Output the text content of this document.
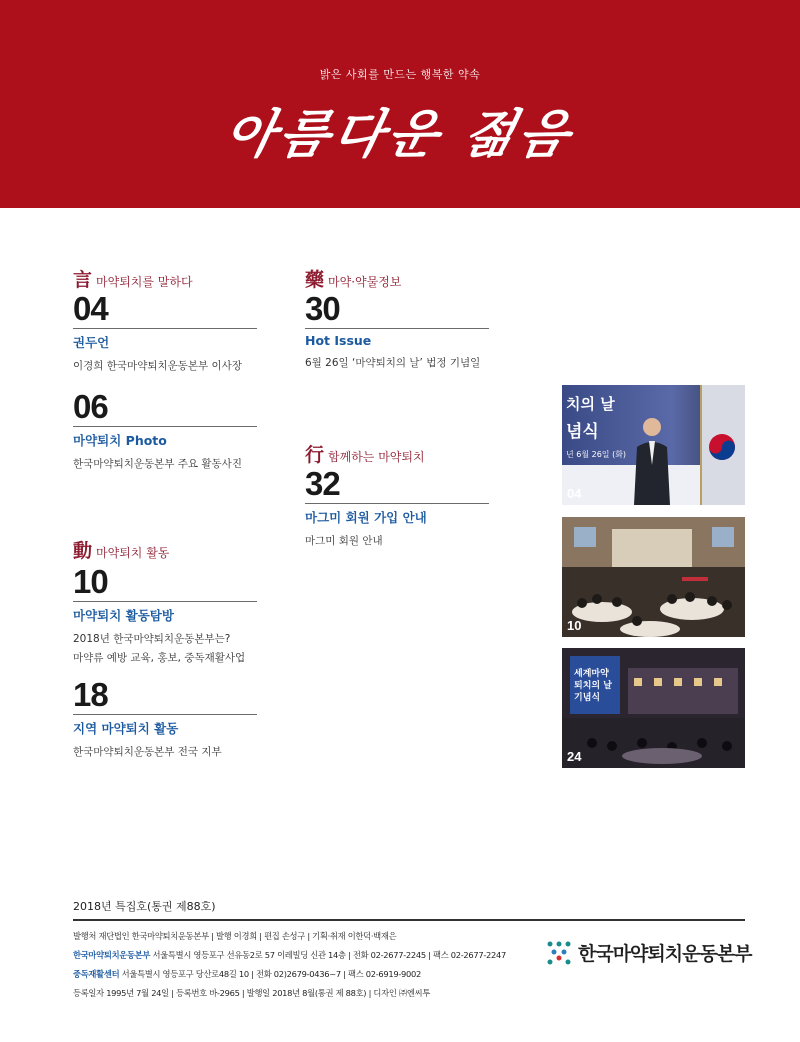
밝은 사회를 만드는 행복한 약속
아름다운 젊음
言 마약퇴치를 말하다	藥 마약·약물정보
行 함께하는 마약퇴치
動 마약퇴치 활동
04
권두언
이경희 한국마약퇴치운동본부 이사장
06
마약퇴치 Photo
한국마약퇴치운동본부 주요 활동사진
10
마약퇴치 활동탐방
2018년 한국마약퇴치운동본부는?
마약류 예방 교육, 홍보, 중독재활사업
18
지역 마약퇴치 활동
한국마약퇴치운동본부 전국 지부
30
Hot Issue
6월 26일 ‘마약퇴치의 날’ 법정 기념일
32
마그미 회원 가입 안내
마그미 회원 안내
치의 날
념식
년 6월 26일 (화)
04
10
세계마약
퇴치의 날
기념식
24
2018년 특집호(통권 제88호)
발행처 재단법인 한국마약퇴치운동본부 | 발행 이경희 | 편집 손성구 | 기획·취재 이한덕·백재은
한국마약퇴치운동본부 서울특별시 영등포구 선유동2로 57 이레빌딩 신관 14층 | 전화 02-2677-2245 | 팩스 02-2677-2247
중독재활센터 서울특별시 영등포구 당산로48길 10 | 전화 02)2679-0436~7 | 팩스 02-6919-9002
등록일자 1995년 7월 24일 | 등록번호 바-2965 | 발행일 2018년 8월(통권 제 88호) | 디자인 ㈜엔씨투
한국마약퇴치운동본부
